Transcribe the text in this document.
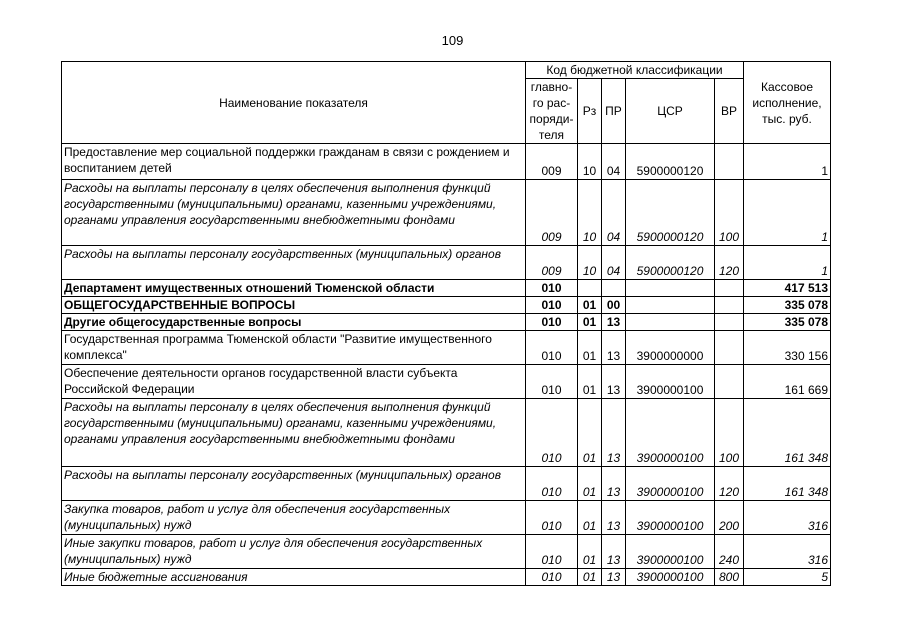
109
Наименование показателя	Код бюджетной классификации					Кассовое исполнение, тыс. руб.
	главно-го рас-поряди-теля	Рз	ПР	ЦСР	ВР	
Предоставление мер социальной поддержки гражданам в связи с рождением и воспитанием детей	009	10	04	5900000120		1
Расходы на выплаты персоналу в целях обеспечения выполнения функций государственными (муниципальными) органами, казенными учреждениями, органами управления государственными внебюджетными фондами	009	10	04	5900000120	100	1
Расходы на выплаты персоналу государственных (муниципальных) органов	009	10	04	5900000120	120	1
Департамент имущественных отношений Тюменской области	010					417 513
ОБЩЕГОСУДАРСТВЕННЫЕ ВОПРОСЫ	010	01	00			335 078
Другие общегосударственные вопросы	010	01	13			335 078
Государственная программа Тюменской области "Развитие имущественного комплекса"	010	01	13	3900000000		330 156
Обеспечение деятельности органов государственной власти субъекта Российской Федерации	010	01	13	3900000100		161 669
Расходы на выплаты персоналу в целях обеспечения выполнения функций государственными (муниципальными) органами, казенными учреждениями, органами управления государственными внебюджетными фондами	010	01	13	3900000100	100	161 348
Расходы на выплаты персоналу государственных (муниципальных) органов	010	01	13	3900000100	120	161 348
Закупка товаров, работ и услуг для обеспечения государственных (муниципальных) нужд	010	01	13	3900000100	200	316
Иные закупки товаров, работ и услуг для обеспечения государственных (муниципальных) нужд	010	01	13	3900000100	240	316
Иные бюджетные ассигнования	010	01	13	3900000100	800	5
